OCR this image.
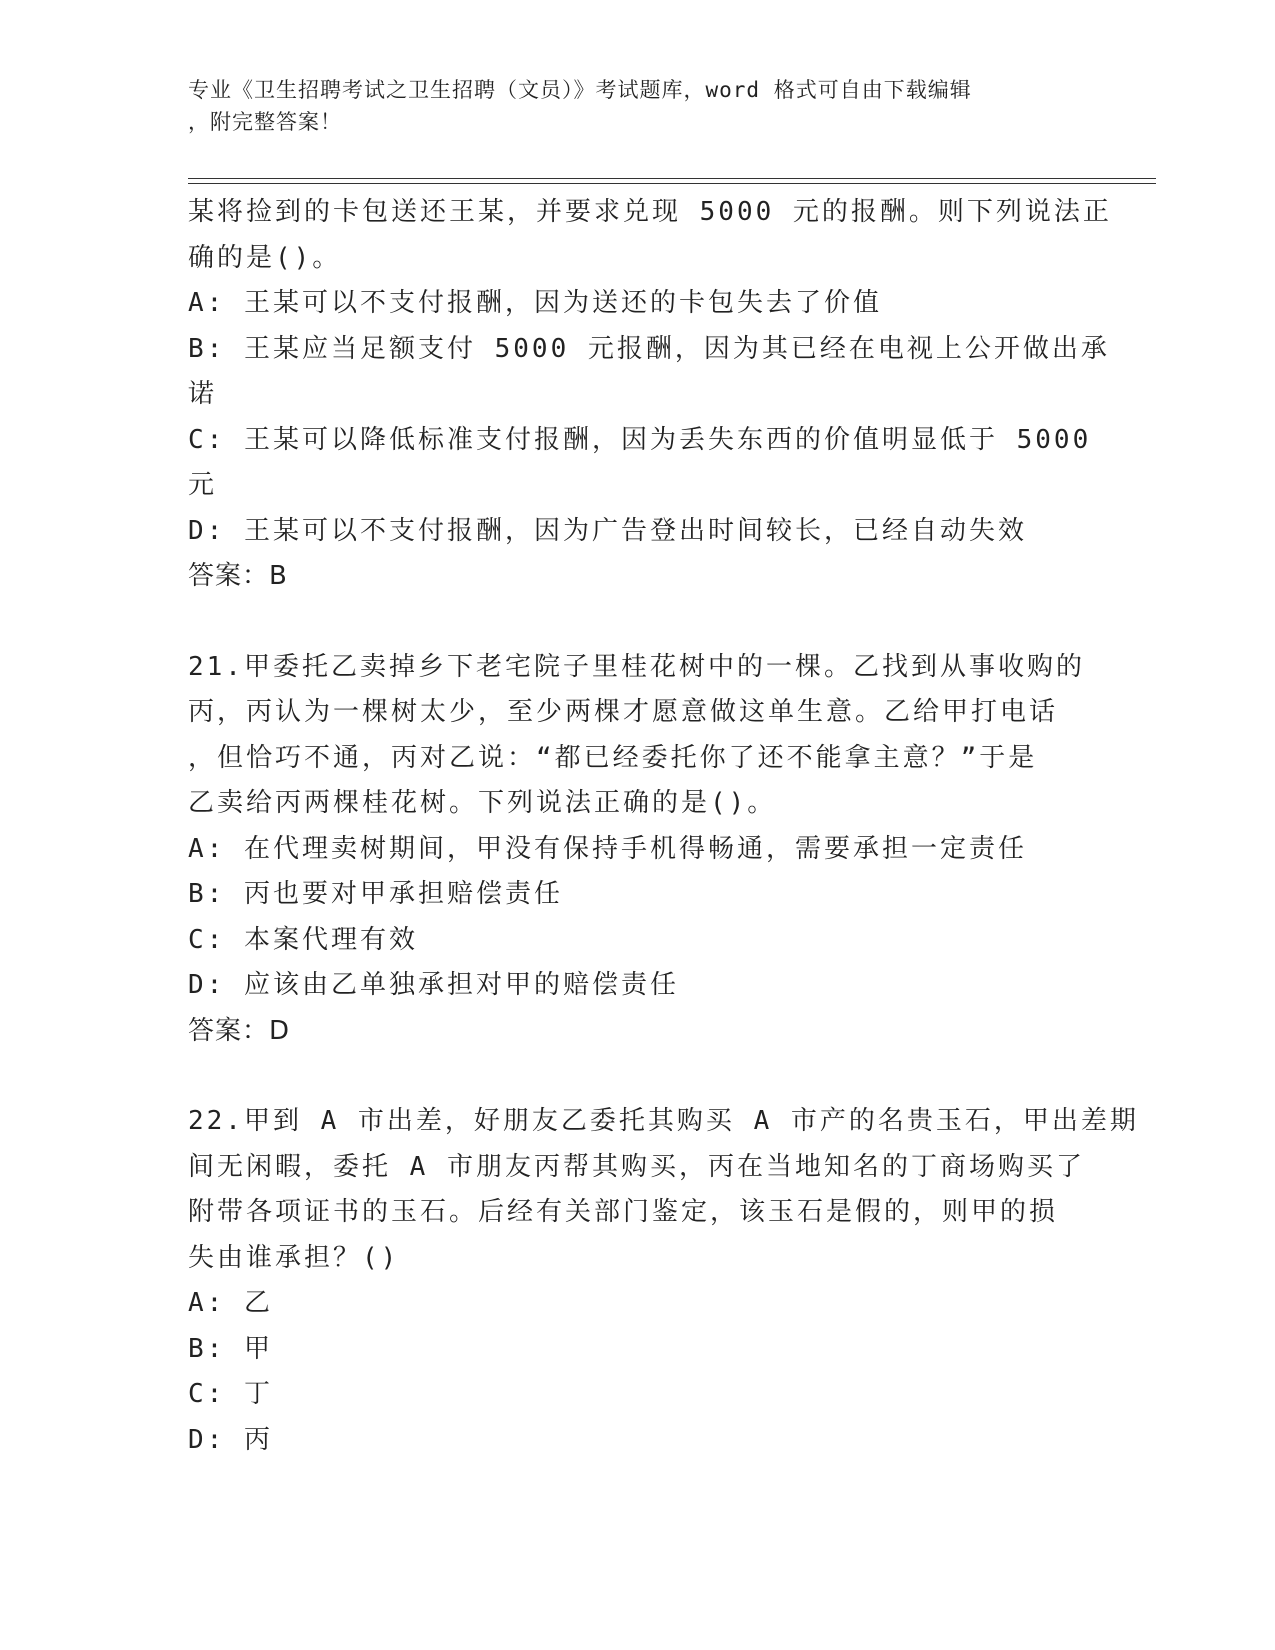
专业《卫生招聘考试之卫生招聘（文员）》考试题库，word 格式可自由下载编辑
，附完整答案！
某将捡到的卡包送还王某，并要求兑现 5000 元的报酬。则下列说法正
确的是()。
A: 王某可以不支付报酬，因为送还的卡包失去了价值
B: 王某应当足额支付 5000 元报酬，因为其已经在电视上公开做出承
诺
C: 王某可以降低标准支付报酬，因为丢失东西的价值明显低于 5000
元
D: 王某可以不支付报酬，因为广告登出时间较长，已经自动失效
答案：B
21.甲委托乙卖掉乡下老宅院子里桂花树中的一棵。乙找到从事收购的
丙，丙认为一棵树太少，至少两棵才愿意做这单生意。乙给甲打电话
，但恰巧不通，丙对乙说：“都已经委托你了还不能拿主意？”于是
乙卖给丙两棵桂花树。下列说法正确的是()。
A: 在代理卖树期间，甲没有保持手机得畅通，需要承担一定责任
B: 丙也要对甲承担赔偿责任
C: 本案代理有效
D: 应该由乙单独承担对甲的赔偿责任
答案：D
22.甲到 A 市出差，好朋友乙委托其购买 A 市产的名贵玉石，甲出差期
间无闲暇，委托 A 市朋友丙帮其购买，丙在当地知名的丁商场购买了
附带各项证书的玉石。后经有关部门鉴定，该玉石是假的，则甲的损
失由谁承担？()
A: 乙
B: 甲
C: 丁
D: 丙
